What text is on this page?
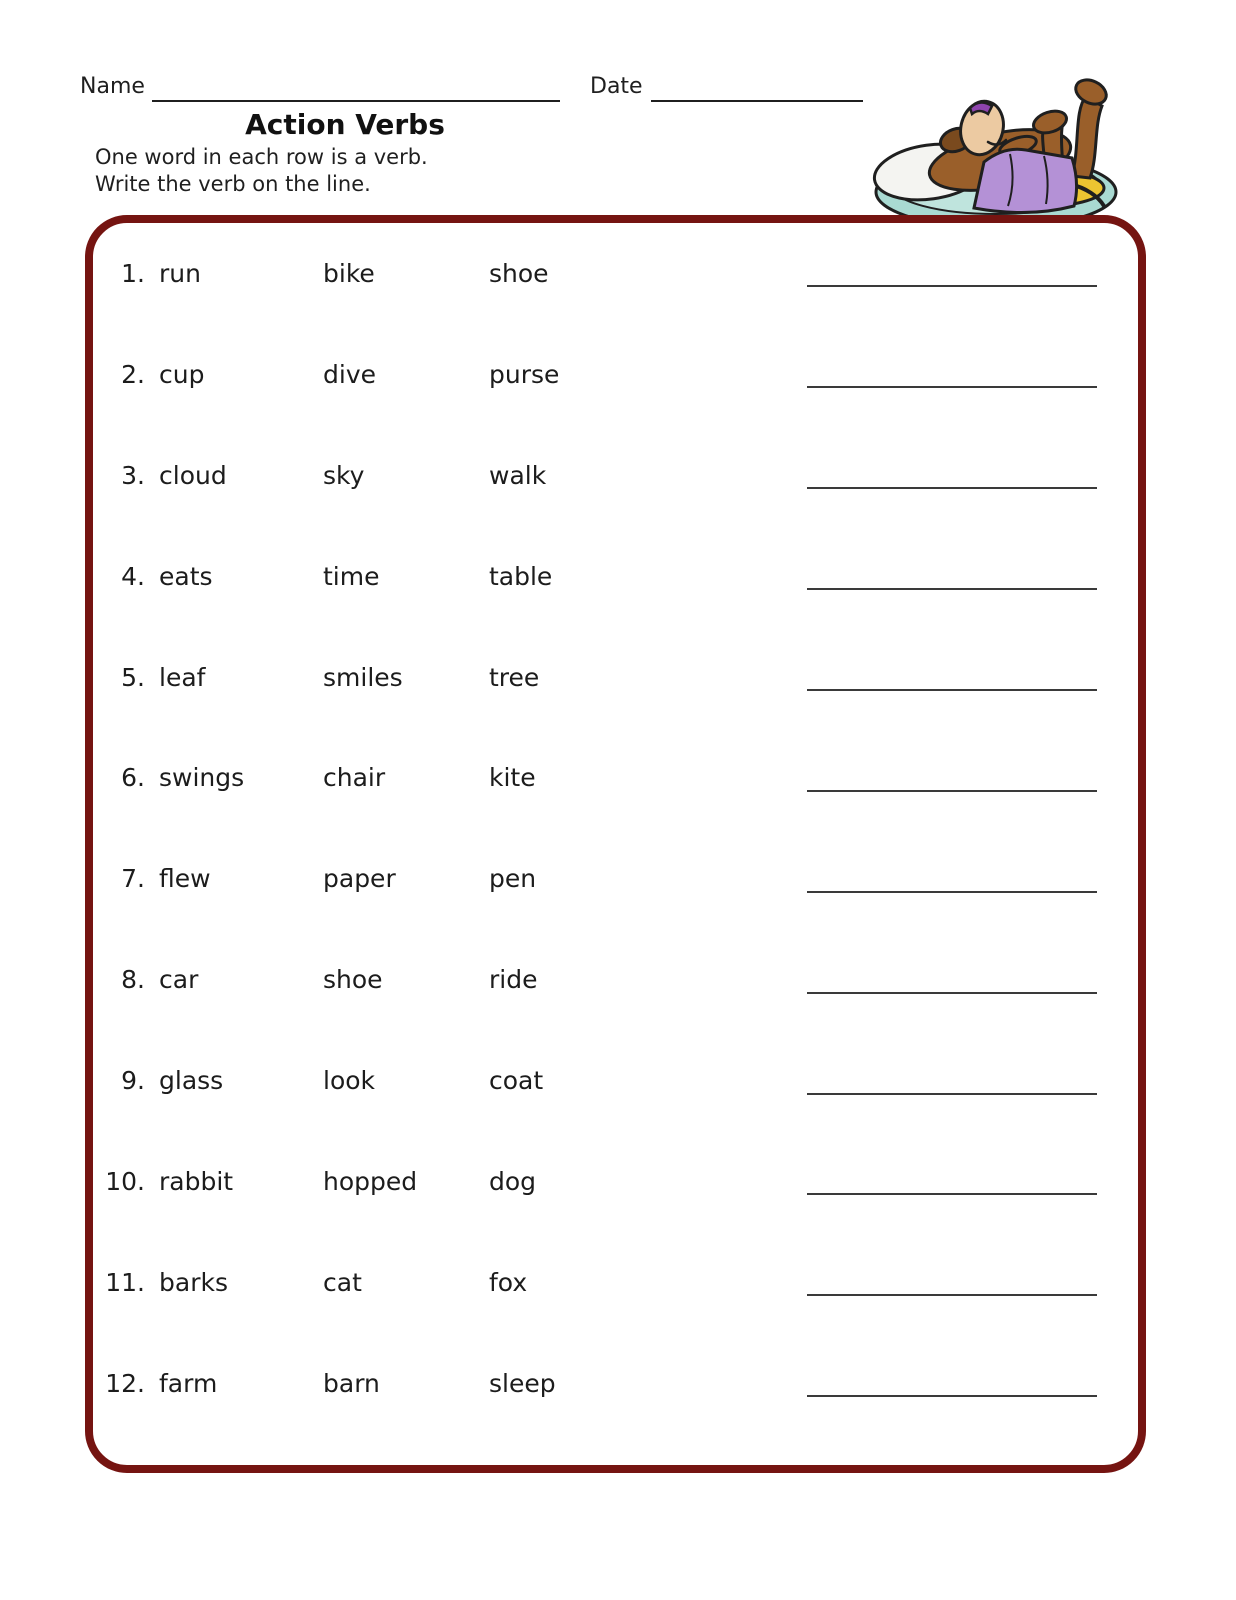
Name	Date
Action Verbs
One word in each row is a verb.
Write the verb on the line.
1. run	bike	shoe
2. cup	dive	purse
3. cloud	sky	walk
4. eats	time	table
5. leaf	smiles	tree
6. swings	chair	kite
7. flew	paper	pen
8. car	shoe	ride
9. glass	look	coat
10. rabbit	hopped	dog
11. barks	cat	fox
12. farm	barn	sleep
